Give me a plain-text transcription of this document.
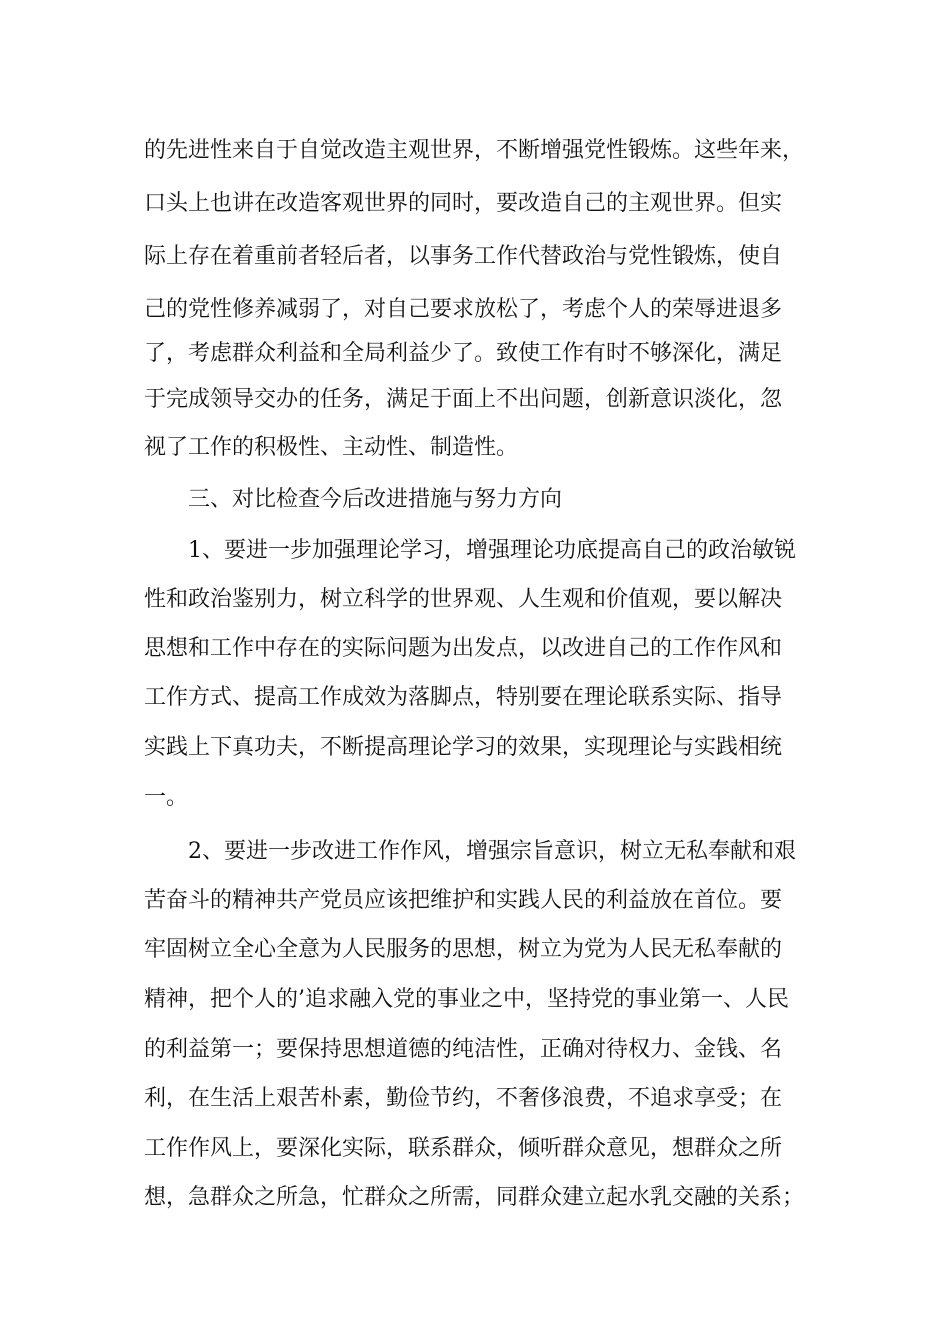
的先进性来自于自觉改造主观世界，不断增强党性锻炼。这些年来，
口头上也讲在改造客观世界的同时，要改造自己的主观世界。但实
际上存在着重前者轻后者，以事务工作代替政治与党性锻炼，使自
己的党性修养减弱了，对自己要求放松了，考虑个人的荣辱进退多
了，考虑群众利益和全局利益少了。致使工作有时不够深化，满足
于完成领导交办的任务，满足于面上不出问题，创新意识淡化，忽
视了工作的积极性、主动性、制造性。
三、对比检查今后改进措施与努力方向
1、要进一步加强理论学习，增强理论功底提高自己的政治敏锐
性和政治鉴别力，树立科学的世界观、人生观和价值观，要以解决
思想和工作中存在的实际问题为出发点，以改进自己的工作作风和
工作方式、提高工作成效为落脚点，特别要在理论联系实际、指导
实践上下真功夫，不断提高理论学习的效果，实现理论与实践相统
一。
2、要进一步改进工作作风，增强宗旨意识，树立无私奉献和艰
苦奋斗的精神共产党员应该把维护和实践人民的利益放在首位。要
牢固树立全心全意为人民服务的思想，树立为党为人民无私奉献的
精神，把个人的’追求融入党的事业之中，坚持党的事业第一、人民
的利益第一；要保持思想道德的纯洁性，正确对待权力、金钱、名
利，在生活上艰苦朴素，勤俭节约，不奢侈浪费，不追求享受；在
工作作风上，要深化实际，联系群众，倾听群众意见，想群众之所
想，急群众之所急，忙群众之所需，同群众建立起水乳交融的关系；
